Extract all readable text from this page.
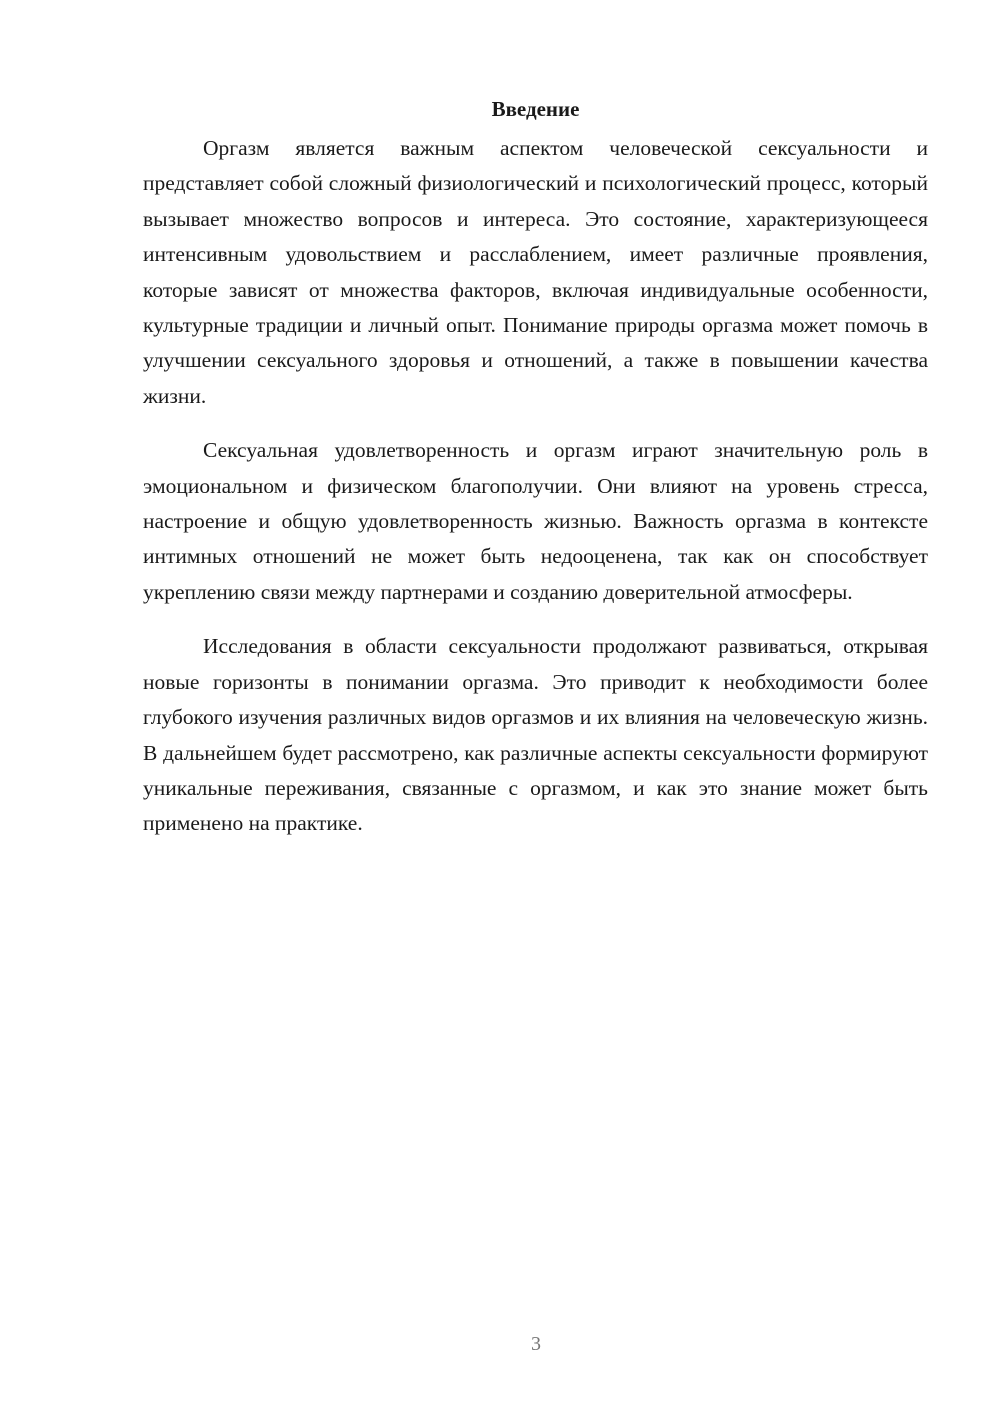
Введение

Оргазм является важным аспектом человеческой сексуальности и представляет собой сложный физиологический и психологический процесс, который вызывает множество вопросов и интереса. Это состояние, характеризующееся интенсивным удовольствием и расслаблением, имеет различные проявления, которые зависят от множества факторов, включая индивидуальные особенности, культурные традиции и личный опыт. Понимание природы оргазма может помочь в улучшении сексуального здоровья и отношений, а также в повышении качества жизни.

Сексуальная удовлетворенность и оргазм играют значительную роль в эмоциональном и физическом благополучии. Они влияют на уровень стресса, настроение и общую удовлетворенность жизнью. Важность оргазма в контексте интимных отношений не может быть недооценена, так как он способствует укреплению связи между партнерами и созданию доверительной атмосферы.

Исследования в области сексуальности продолжают развиваться, открывая новые горизонты в понимании оргазма. Это приводит к необходимости более глубокого изучения различных видов оргазмов и их влияния на человеческую жизнь. В дальнейшем будет рассмотрено, как различные аспекты сексуальности формируют уникальные переживания, связанные с оргазмом, и как это знание может быть применено на практике.

3
